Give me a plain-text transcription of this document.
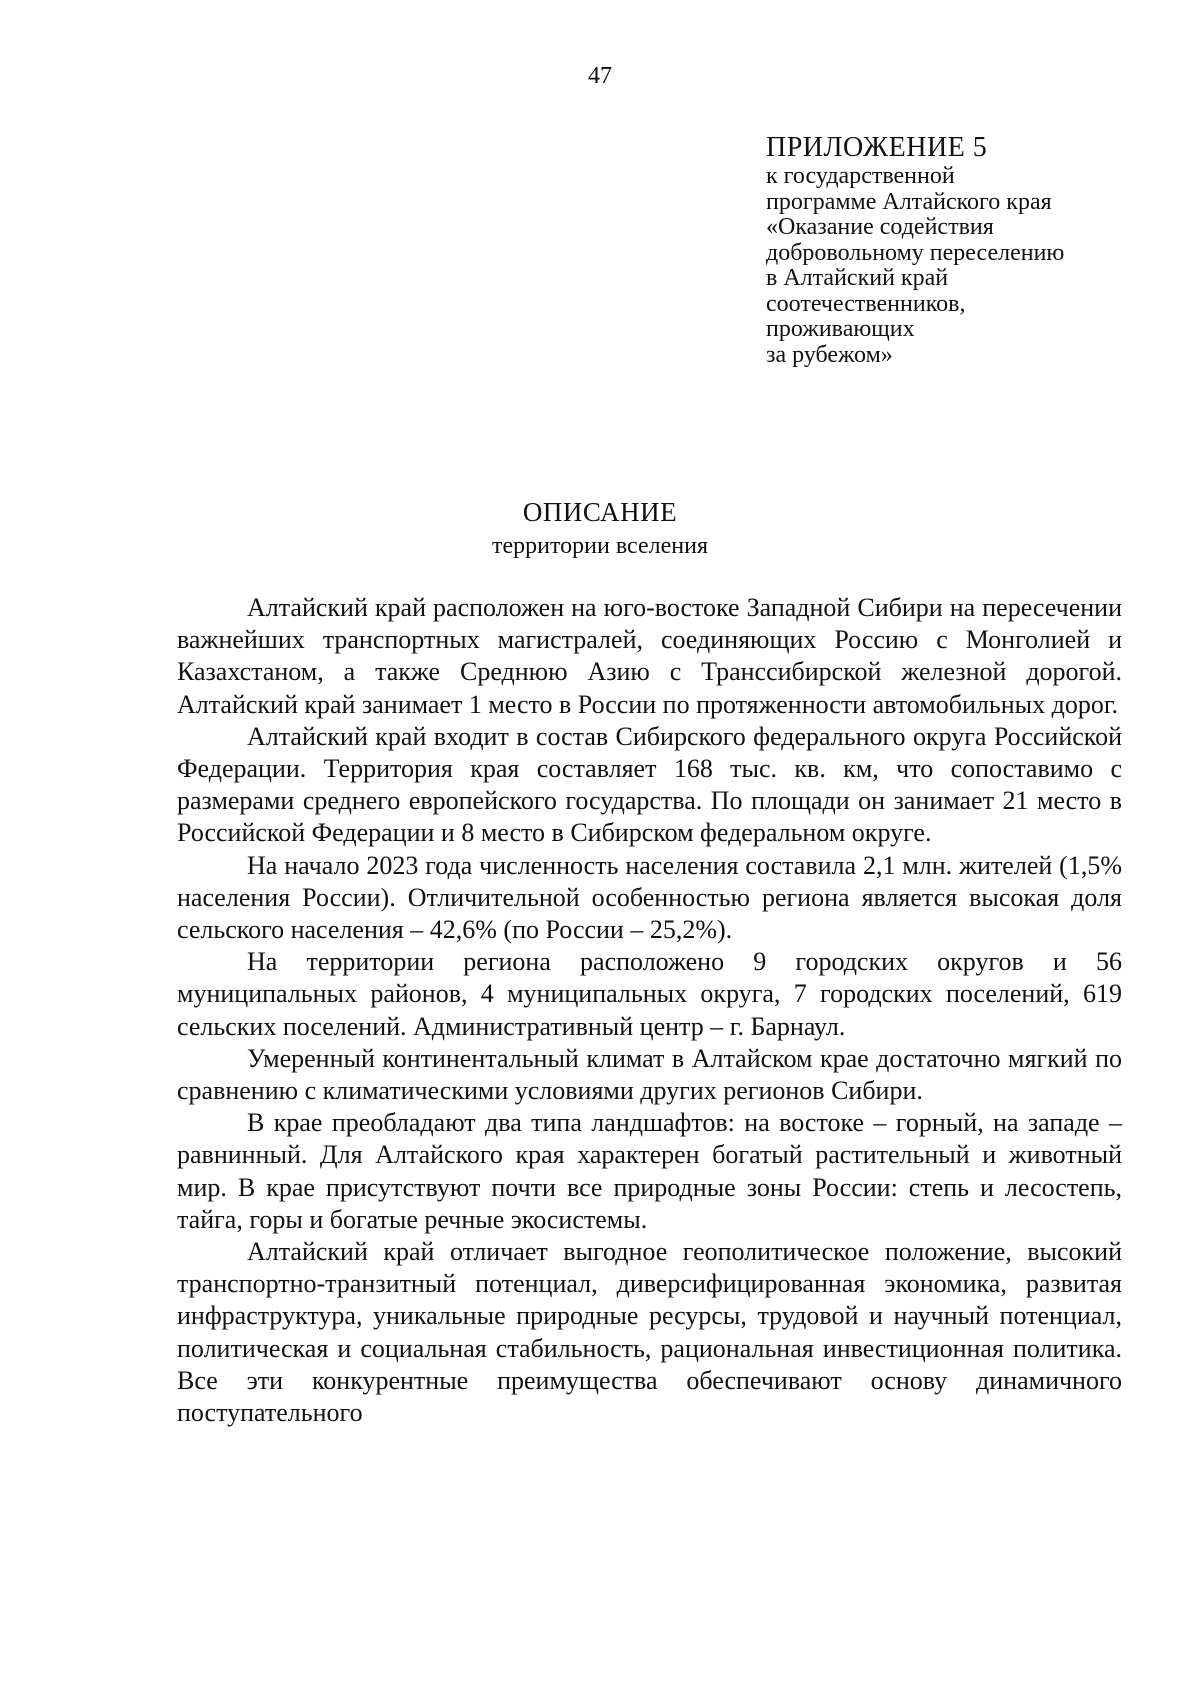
47
ПРИЛОЖЕНИЕ 5
к государственной
программе Алтайского края
«Оказание содействия
добровольному переселению
в Алтайский край
соотечественников,
проживающих
за рубежом»
ОПИСАНИЕ
территории вселения

Алтайский край расположен на юго-востоке Западной Сибири на пересечении важнейших транспортных магистралей, соединяющих Россию с Монголией и Казахстаном, а также Среднюю Азию с Транссибирской железной дорогой. Алтайский край занимает 1 место в России по протяженности автомобильных дорог.

Алтайский край входит в состав Сибирского федерального округа Российской Федерации. Территория края составляет 168 тыс. кв. км, что сопоставимо с размерами среднего европейского государства. По площади он занимает 21 место в Российской Федерации и 8 место в Сибирском федеральном округе.

На начало 2023 года численность населения составила 2,1 млн. жителей (1,5% населения России). Отличительной особенностью региона является высокая доля сельского населения – 42,6% (по России – 25,2%).

На территории региона расположено 9 городских округов и 56 муниципальных районов, 4 муниципальных округа, 7 городских поселений, 619 сельских поселений. Административный центр – г. Барнаул.

Умеренный континентальный климат в Алтайском крае достаточно мягкий по сравнению с климатическими условиями других регионов Сибири.

В крае преобладают два типа ландшафтов: на востоке – горный, на западе – равнинный. Для Алтайского края характерен богатый растительный и животный мир. В крае присутствуют почти все природные зоны России: степь и лесостепь, тайга, горы и богатые речные экосистемы.

Алтайский край отличает выгодное геополитическое положение, высокий транспортно-транзитный потенциал, диверсифицированная экономика, развитая инфраструктура, уникальные природные ресурсы, трудовой и научный потенциал, политическая и социальная стабильность, рациональная инвестиционная политика. Все эти конкурентные преимущества обеспечивают основу динамичного поступательного
